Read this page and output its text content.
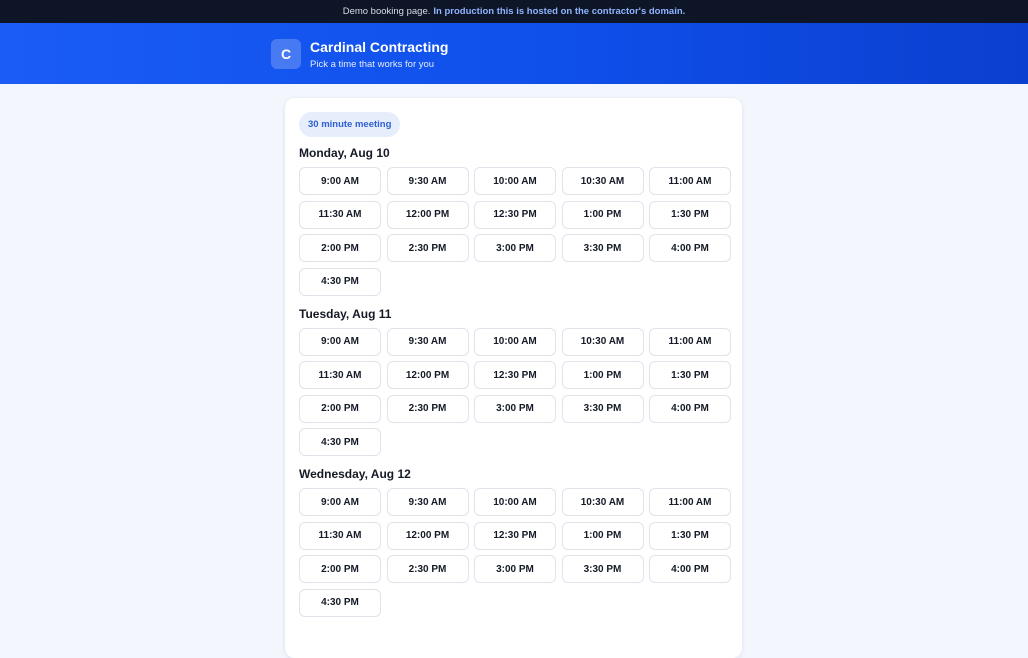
Demo booking page. In production this is hosted on the contractor's domain.
C	Cardinal Contracting
Pick a time that works for you
30 minute meeting
Monday, Aug 10
9:00 AM	9:30 AM	10:00 AM	10:30 AM	11:00 AM
11:30 AM	12:00 PM	12:30 PM	1:00 PM	1:30 PM
2:00 PM	2:30 PM	3:00 PM	3:30 PM	4:00 PM
4:30 PM
Tuesday, Aug 11
9:00 AM	9:30 AM	10:00 AM	10:30 AM	11:00 AM
11:30 AM	12:00 PM	12:30 PM	1:00 PM	1:30 PM
2:00 PM	2:30 PM	3:00 PM	3:30 PM	4:00 PM
4:30 PM
Wednesday, Aug 12
9:00 AM	9:30 AM	10:00 AM	10:30 AM	11:00 AM
11:30 AM	12:00 PM	12:30 PM	1:00 PM	1:30 PM
2:00 PM	2:30 PM	3:00 PM	3:30 PM	4:00 PM
4:30 PM
